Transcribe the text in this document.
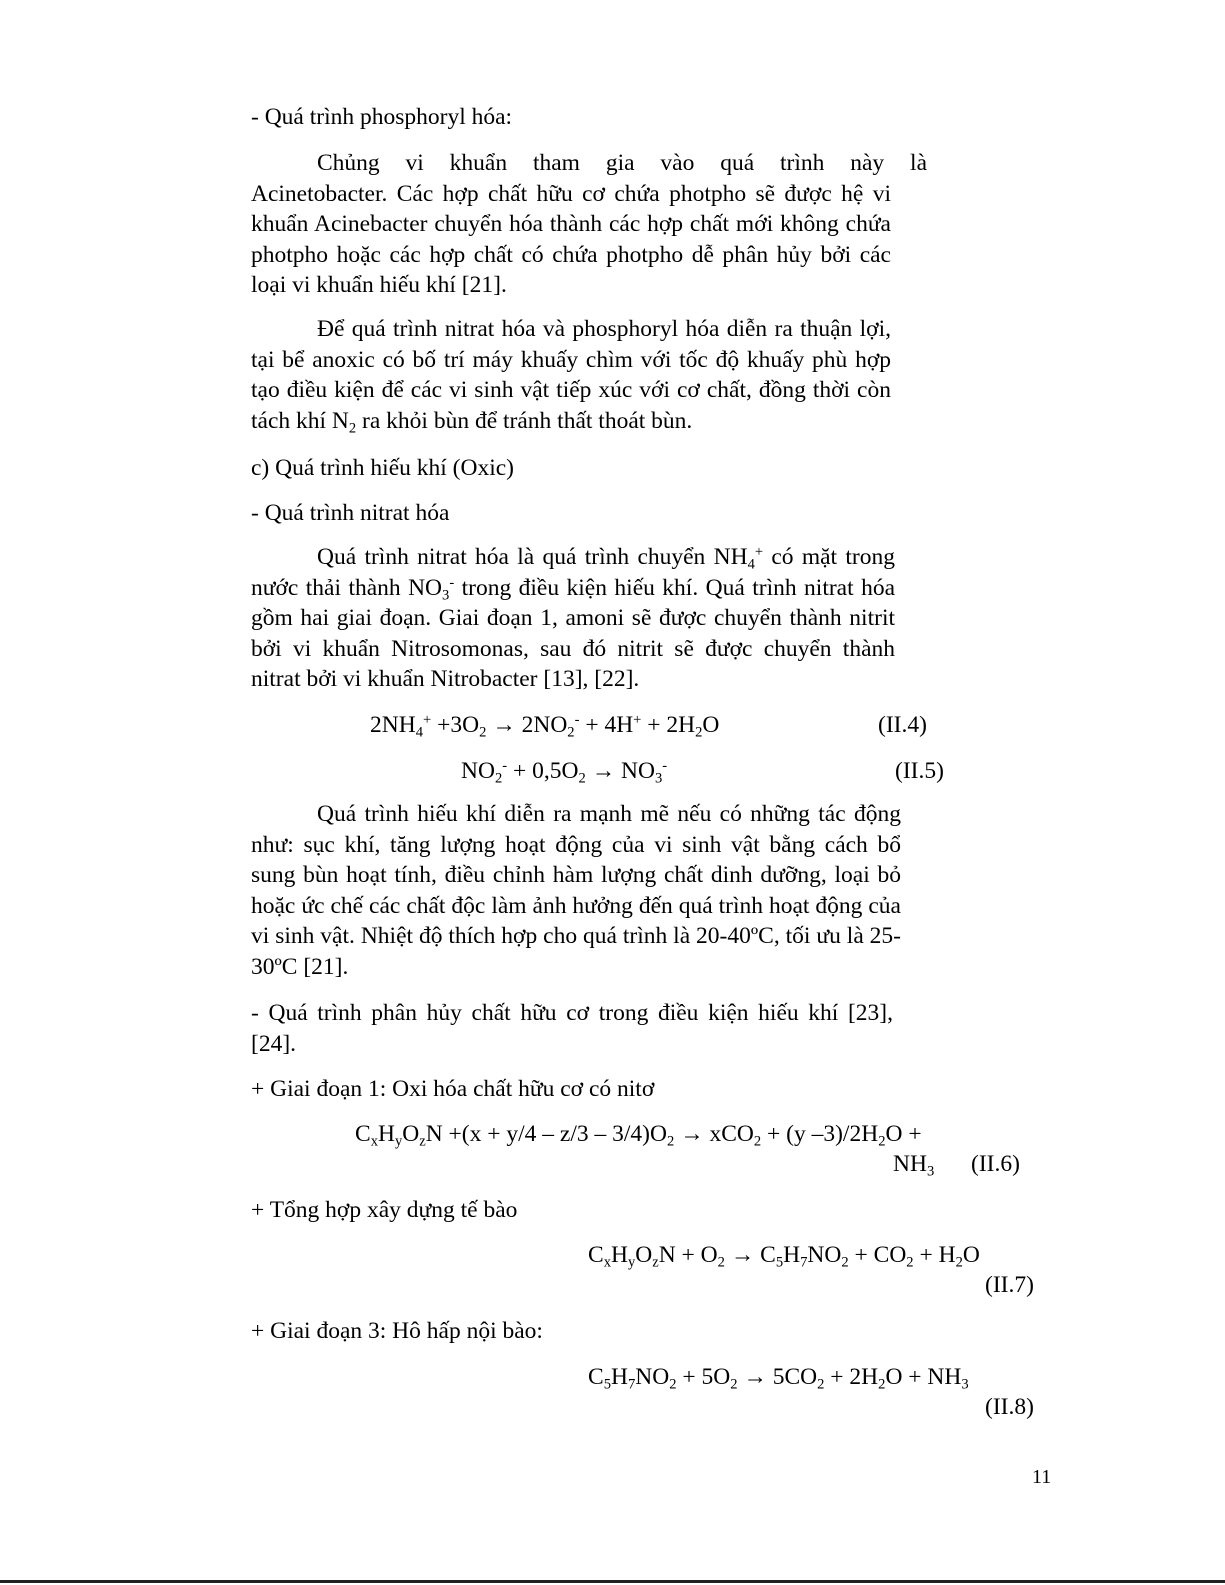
- Quá trình phosphoryl hóa:
Chủng vi khuẩn tham gia vào quá trình này là
Acinetobacter. Các hợp chất hữu cơ chứa photpho sẽ được hệ vi khuẩn Acinebacter chuyển hóa thành các hợp chất mới không chứa photpho hoặc các hợp chất có chứa photpho dễ phân hủy bởi các loại vi khuẩn hiếu khí [21].
Để quá trình nitrat hóa và phosphoryl hóa diễn ra thuận lợi, tại bể anoxic có bố trí máy khuấy chìm với tốc độ khuấy phù hợp tạo điều kiện để các vi sinh vật tiếp xúc với cơ chất, đồng thời còn tách khí $N_2$ ra khỏi bùn để tránh thất thoát bùn.
c) Quá trình hiếu khí (Oxic)
- Quá trình nitrat hóa
Quá trình nitrat hóa là quá trình chuyển $NH_4^+$ có mặt trong nước thải thành $NO_3^-$ trong điều kiện hiếu khí. Quá trình nitrat hóa gồm hai giai đoạn. Giai đoạn 1, amoni sẽ được chuyển thành nitrit bởi vi khuẩn Nitrosomonas, sau đó nitrit sẽ được chuyển thành nitrat bởi vi khuẩn Nitrobacter [13], [22].
$2NH_4^+ +3O_2 \to 2NO_2^- + 4H^+ + 2H_2O$	(II.4)
$NO_2^- + 0,5O_2 \to NO_3^-$	(II.5)
Quá trình hiếu khí diễn ra mạnh mẽ nếu có những tác động như: sục khí, tăng lượng hoạt động của vi sinh vật bằng cách bổ sung bùn hoạt tính, điều chỉnh hàm lượng chất dinh dưỡng, loại bỏ hoặc ức chế các chất độc làm ảnh hưởng đến quá trình hoạt động của vi sinh vật. Nhiệt độ thích hợp cho quá trình là 20-40ºC, tối ưu là 25-30ºC [21].
- Quá trình phân hủy chất hữu cơ trong điều kiện hiếu khí [23], [24].
+ Giai đoạn 1: Oxi hóa chất hữu cơ có nitơ
$C_xH_yO_zN +(x + y/4 - z/3 - 3/4)O_2 \to xCO_2 + (y$ $-3)/2H_2O$ +
$NH_3$ (II.6)
+ Tổng hợp xây dựng tế bào
$C_xH_yO_zN + O_2 \to C_5H_7NO_2 + CO_2 + H_2O$
(II.7)
+ Giai đoạn 3: Hô hấp nội bào:
$C_5H_7NO_2 + 5O_2 \to 5CO_2 + 2H_2O + NH_3$
(II.8)
11
